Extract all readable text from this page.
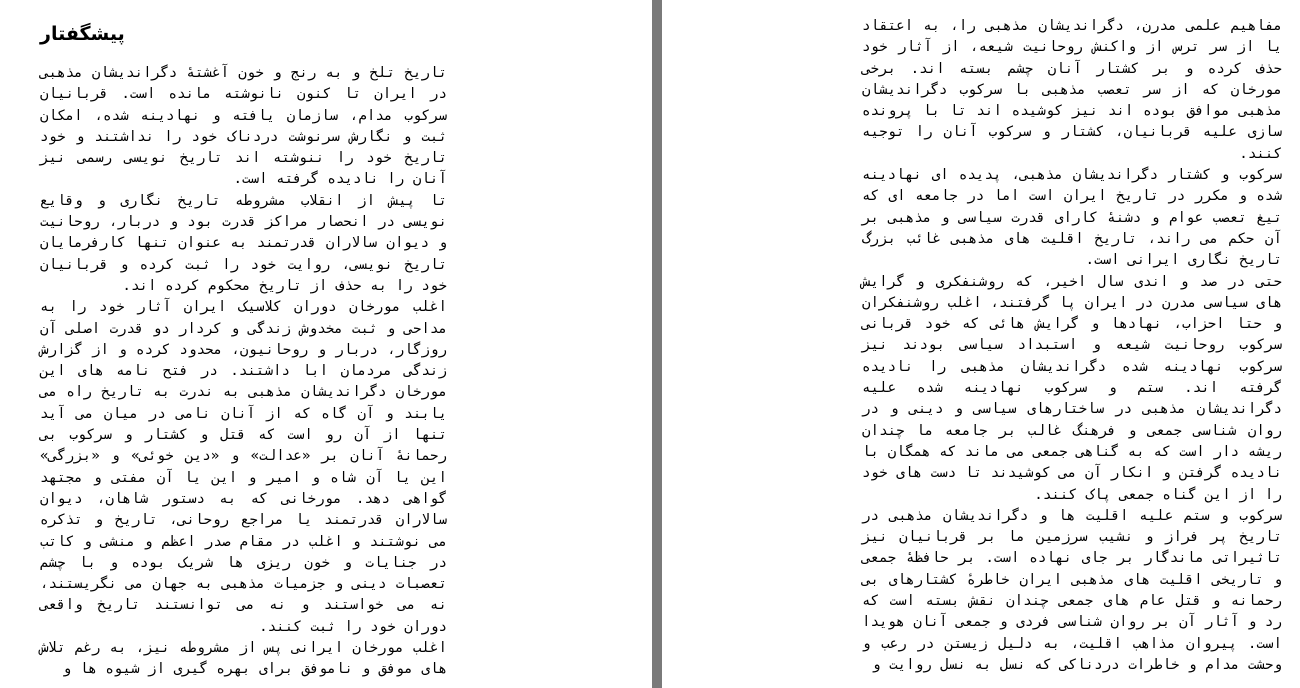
پیشگفتار

تاریخ تلخ و به رنج و خون آغشتهٔ دگراندیشان مذهبی در ایران تا کنون نانوشته مانده است. قربانیان سرکوب مدام، سازمان یافته و نهادینه شده، امکان ثبت و نگارش سرنوشت دردناک خود را نداشتند و خود تاریخ خود را ننوشته اند تاریخ نویسی رسمی نیز آنان را نادیده گرفته است.

تا پیش از انقلاب مشروطه تاریخ نگاری و وقایع نویسی در انحصار مراکز قدرت بود و دربار، روحانیت و دیوان سالاران قدرتمند به عنوان تنها کارفرمایان تاریخ نویسی، روایت خود را ثبت کرده و قربانیان خود را به حذف از تاریخ محکوم کرده اند.

اغلب مورخان دوران کلاسیک ایران آثار خود را به مداحی و ثبت مخدوش زندگی و کردار دو قدرت اصلی آن روزگار، دربار و روحانیون، محدود کرده و از گزارش زندگی مردمان ابا داشتند. در فتح نامه های این مورخان دگراندیشان مذهبی به ندرت به تاریخ راه می یابند و آن گاه که از آنان نامی در میان می آید تنها از آن رو است که قتل و کشتار و سرکوب بی رحمانهٔ آنان بر «عدالت» و «دین خوئی» و «بزرگی» این یا آن شاه و امیر و این یا آن مفتی و مجتهد گواهی دهد. مورخانی که به دستور شاهان، دیوان سالاران قدرتمند یا مراجع روحانی، تاریخ و تذکره می نوشتند و اغلب در مقام صدر اعظم و منشی و کاتب در جنایات و خون ریزی ها شریک بوده و با چشم تعصبات دینی و جزمیات مذهبی به جهان می نگریستند، نه می خواستند و نه می توانستند تاریخ واقعی دوران خود را ثبت کنند.

اغلب مورخان ایرانی پس از مشروطه نیز، به رغم تلاش های موفق و ناموفق برای بهره گیری از شیوه ها و

مفاهیم علمی مدرن، دگراندیشان مذهبی را، به اعتقاد یا از سر ترس از واکنش روحانیت شیعه، از آثار خود حذف کرده و بر کشتار آنان چشم بسته اند. برخی مورخان که از سر تعصب مذهبی با سرکوب دگراندیشان مذهبی موافق بوده اند نیز کوشیده اند تا با پرونده سازی علیه قربانیان، کشتار و سرکوب آنان را توجیه کنند.

سرکوب و کشتار دگراندیشان مذهبی، پدیده ای نهادینه شده و مکرر در تاریخ ایران است اما در جامعه ای که تیغ تعصب عوام و دشنهٔ کارای قدرت سیاسی و مذهبی بر آن حکم می راند، تاریخ اقلیت های مذهبی غائب بزرگ تاریخ نگاری ایرانی است.

حتی در صد و اندی سال اخیر، که روشنفکری و گرایش های سیاسی مدرن در ایران پا گرفتند، اغلب روشنفکران و حتا احزاب، نهادها و گرایش هائی که خود قربانی سرکوب روحانیت شیعه و استبداد سیاسی بودند نیز سرکوب نهادینه شده دگراندیشان مذهبی را نادیده گرفته اند. ستم و سرکوب نهادینه شده علیه دگراندیشان مذهبی در ساختارهای سیاسی و دینی و در روان شناسی جمعی و فرهنگ غالب بر جامعه ما چندان ریشه دار است که به گناهی جمعی می ماند که همگان با نادیده گرفتن و انکار آن می کوشیدند تا دست های خود را از این گناه جمعی پاک کنند.

سرکوب و ستم علیه اقلیت ها و دگراندیشان مذهبی در تاریخ پر فراز و نشیب سرزمین ما بر قربانیان نیز تاثیراتی ماندگار بر جای نهاده است. بر حافظهٔ جمعی و تاریخی اقلیت های مذهبی ایران خاطرهٔ کشتارهای بی رحمانه و قتل عام های جمعی چندان نقش بسته است که رد و آثار آن بر روان شناسی فردی و جمعی آنان هویدا است. پیروان مذاهب اقلیت، به دلیل زیستن در رعب و وحشت مدام و خاطرات دردناکی که نسل به نسل روایت و
